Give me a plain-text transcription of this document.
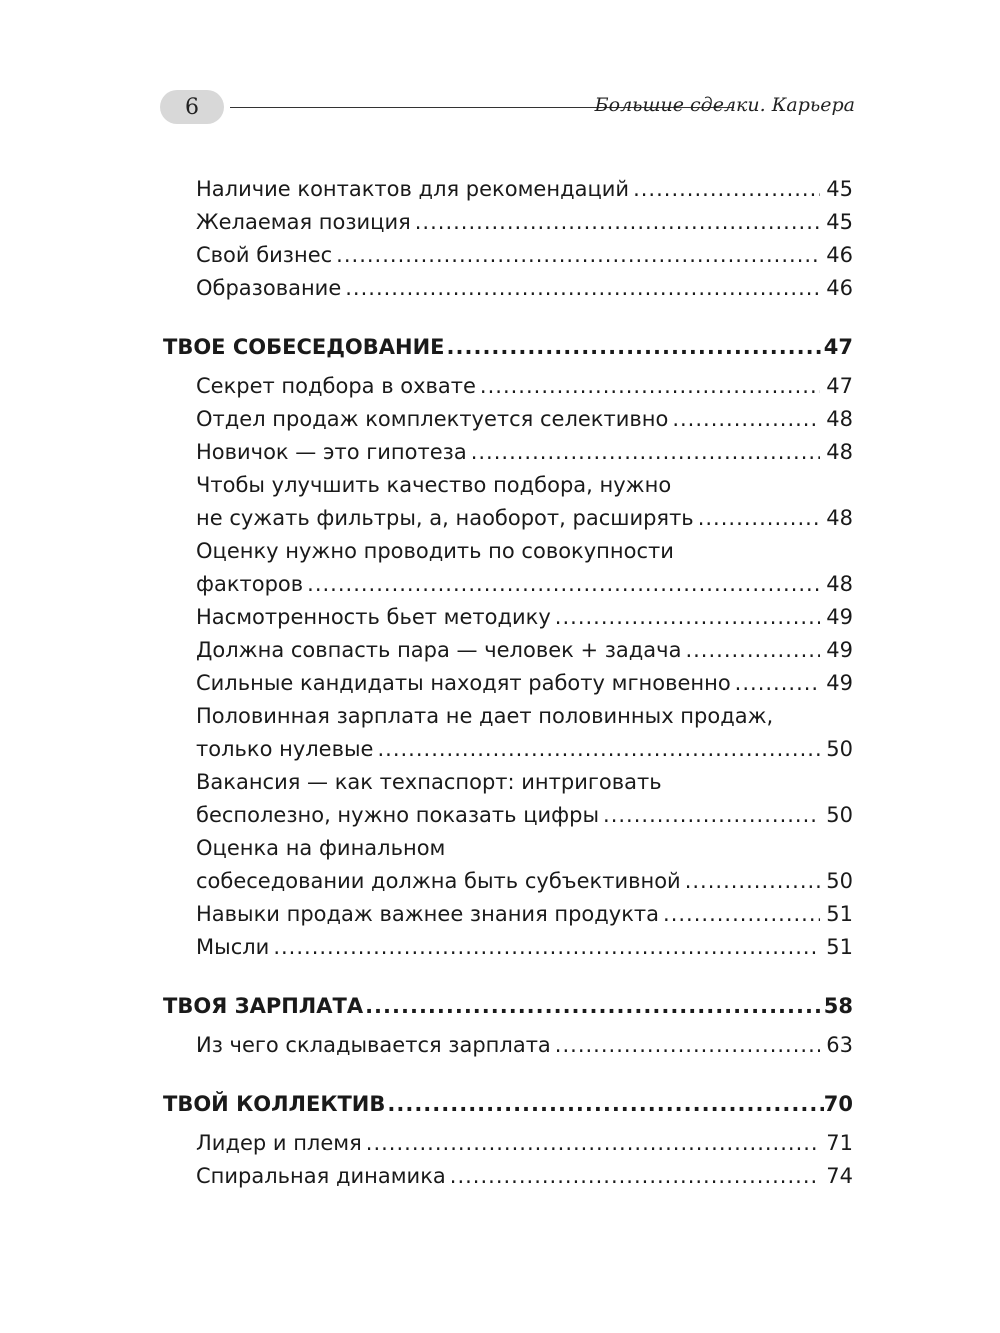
6	Большие сделки. Карьера
Наличие контактов для рекомендаций .....	45
Желаемая позиция .....	45
Свой бизнес .....	46
Образование .....	46
ТВОЕ СОБЕСЕДОВАНИЕ .....	47
Секрет подбора в охвате .....	47
Отдел продаж комплектуется селективно .....	48
Новичок — это гипотеза .....	48
Чтобы улучшить качество подбора, нужно
не сужать фильтры, а, наоборот, расширять .....	48
Оценку нужно проводить по совокупности
факторов .....	48
Насмотренность бьет методику .....	49
Должна совпасть пара — человек + задача .....	49
Сильные кандидаты находят работу мгновенно .....	49
Половинная зарплата не дает половинных продаж,
только нулевые .....	50
Вакансия — как техпаспорт: интриговать
бесполезно, нужно показать цифры .....	50
Оценка на финальном
собеседовании должна быть субъективной .....	50
Навыки продаж важнее знания продукта .....	51
Мысли .....	51
ТВОЯ ЗАРПЛАТА .....	58
Из чего складывается зарплата .....	63
ТВОЙ КОЛЛЕКТИВ .....	70
Лидер и племя .....	71
Спиральная динамика .....	74
